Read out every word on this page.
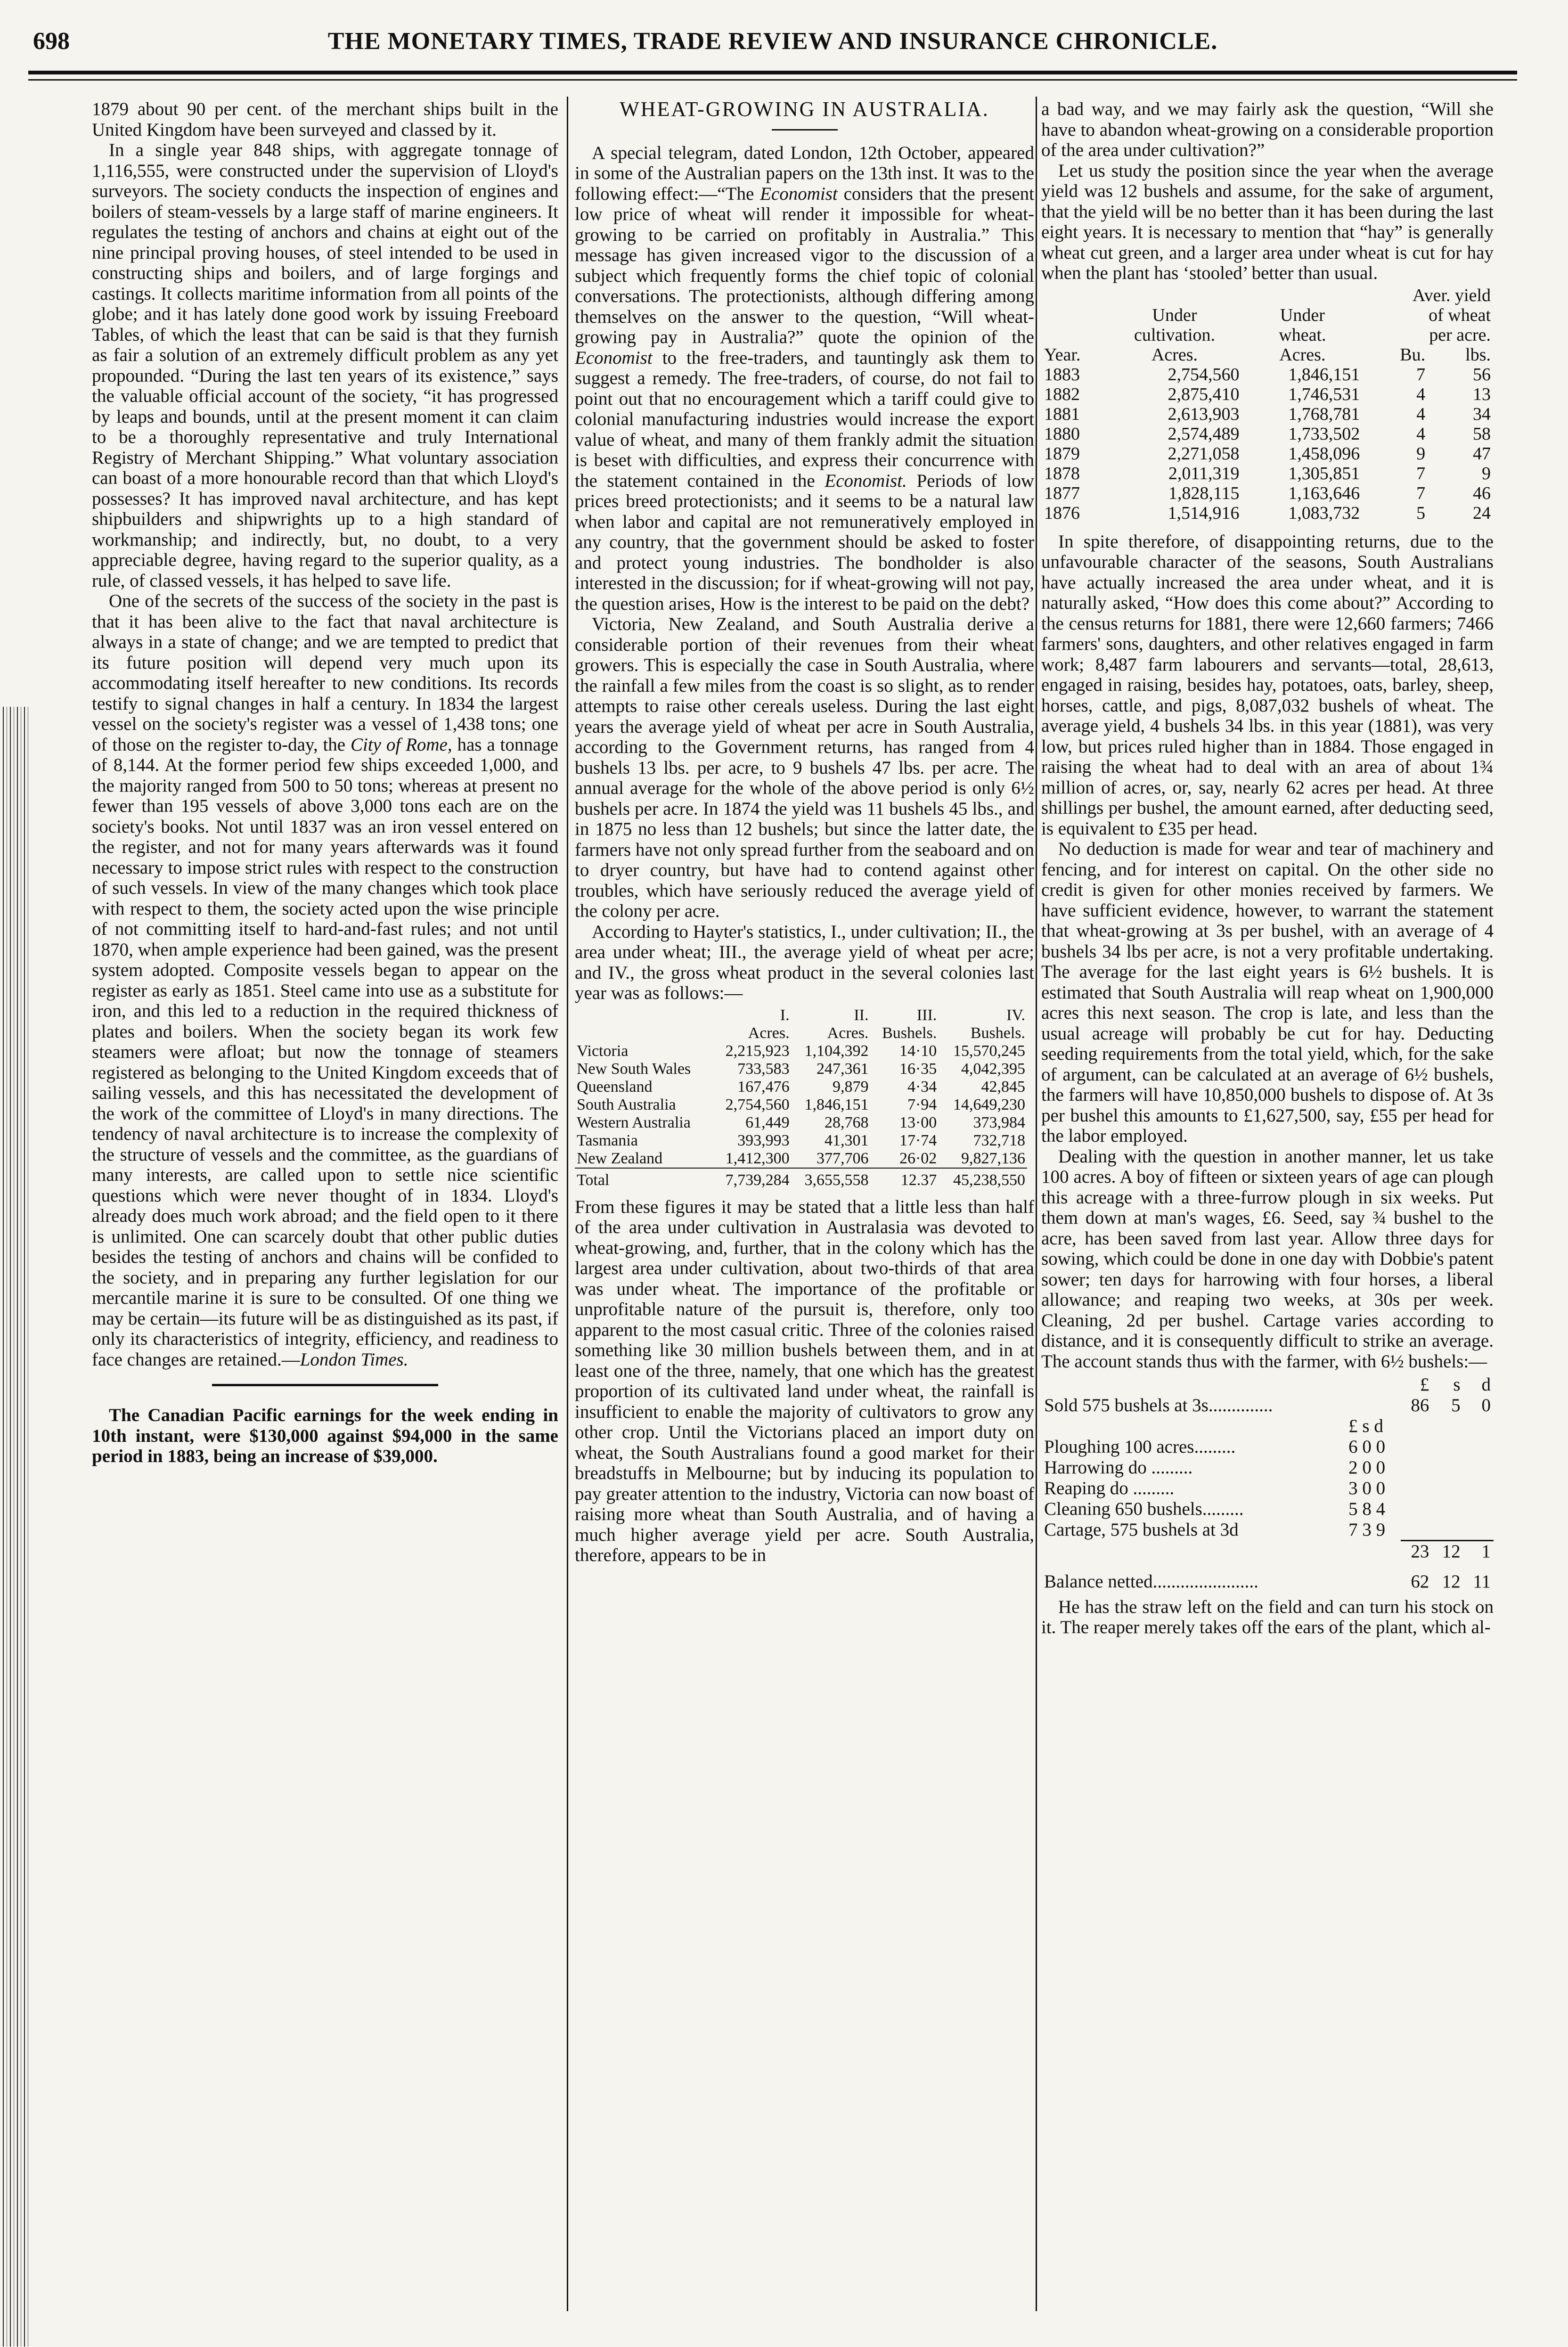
698	THE MONETARY TIMES, TRADE REVIEW AND INSURANCE CHRONICLE.

1879 about 90 per cent. of the merchant ships built in the United Kingdom have been surveyed and classed by it.

In a single year 848 ships, with aggregate tonnage of 1,116,555, were constructed under the supervision of Lloyd's surveyors. The society conducts the inspection of engines and boilers of steam-vessels by a large staff of marine engineers. It regulates the testing of anchors and chains at eight out of the nine principal proving houses, of steel intended to be used in constructing ships and boilers, and of large forgings and castings. It collects maritime information from all points of the globe; and it has lately done good work by issuing Freeboard Tables, of which the least that can be said is that they furnish as fair a solution of an extremely difficult problem as any yet propounded. “During the last ten years of its existence,” says the valuable official account of the society, “it has progressed by leaps and bounds, until at the present moment it can claim to be a thoroughly representative and truly International Registry of Merchant Shipping.” What voluntary association can boast of a more honourable record than that which Lloyd's possesses? It has improved naval architecture, and has kept shipbuilders and shipwrights up to a high standard of workmanship; and indirectly, but, no doubt, to a very appreciable degree, having regard to the superior quality, as a rule, of classed vessels, it has helped to save life.

One of the secrets of the success of the society in the past is that it has been alive to the fact that naval architecture is always in a state of change; and we are tempted to predict that its future position will depend very much upon its accommodating itself hereafter to new conditions. Its records testify to signal changes in half a century. In 1834 the largest vessel on the society's register was a vessel of 1,438 tons; one of those on the register to-day, the City of Rome, has a tonnage of 8,144. At the former period few ships exceeded 1,000, and the majority ranged from 500 to 50 tons; whereas at present no fewer than 195 vessels of above 3,000 tons each are on the society's books. Not until 1837 was an iron vessel entered on the register, and not for many years afterwards was it found necessary to impose strict rules with respect to the construction of such vessels. In view of the many changes which took place with respect to them, the society acted upon the wise principle of not committing itself to hard-and-fast rules; and not until 1870, when ample experience had been gained, was the present system adopted. Composite vessels began to appear on the register as early as 1851. Steel came into use as a substitute for iron, and this led to a reduction in the required thickness of plates and boilers. When the society began its work few steamers were afloat; but now the tonnage of steamers registered as belonging to the United Kingdom exceeds that of sailing vessels, and this has necessitated the development of the work of the committee of Lloyd's in many directions. The tendency of naval architecture is to increase the complexity of the structure of vessels and the committee, as the guardians of many interests, are called upon to settle nice scientific questions which were never thought of in 1834. Lloyd's already does much work abroad; and the field open to it there is unlimited. One can scarcely doubt that other public duties besides the testing of anchors and chains will be confided to the society, and in preparing any further legislation for our mercantile marine it is sure to be consulted. Of one thing we may be certain—its future will be as distinguished as its past, if only its characteristics of integrity, efficiency, and readiness to face changes are retained.—London Times.

The Canadian Pacific earnings for the week ending in 10th instant, were $130,000 against $94,000 in the same period in 1883, being an increase of $39,000.

WHEAT-GROWING IN AUSTRALIA.

A special telegram, dated London, 12th October, appeared in some of the Australian papers on the 13th inst. It was to the following effect:—“The Economist considers that the present low price of wheat will render it impossible for wheat-growing to be carried on profitably in Australia.” This message has given increased vigor to the discussion of a subject which frequently forms the chief topic of colonial conversations. The protectionists, although differing among themselves on the answer to the question, “Will wheat-growing pay in Australia?” quote the opinion of the Economist to the free-traders, and tauntingly ask them to suggest a remedy. The free-traders, of course, do not fail to point out that no encouragement which a tariff could give to colonial manufacturing industries would increase the export value of wheat, and many of them frankly admit the situation is beset with difficulties, and express their concurrence with the statement contained in the Economist. Periods of low prices breed protectionists; and it seems to be a natural law when labor and capital are not remuneratively employed in any country, that the government should be asked to foster and protect young industries. The bondholder is also interested in the discussion; for if wheat-growing will not pay, the question arises, How is the interest to be paid on the debt?

Victoria, New Zealand, and South Australia derive a considerable portion of their revenues from their wheat growers. This is especially the case in South Australia, where the rainfall a few miles from the coast is so slight, as to render attempts to raise other cereals useless. During the last eight years the average yield of wheat per acre in South Australia, according to the Government returns, has ranged from 4 bushels 13 lbs. per acre, to 9 bushels 47 lbs. per acre. The annual average for the whole of the above period is only 6½ bushels per acre. In 1874 the yield was 11 bushels 45 lbs., and in 1875 no less than 12 bushels; but since the latter date, the farmers have not only spread further from the seaboard and on to dryer country, but have had to contend against other troubles, which have seriously reduced the average yield of the colony per acre.

According to Hayter's statistics, I., under cultivation; II., the area under wheat; III., the average yield of wheat per acre; and IV., the gross wheat product in the several colonies last year was as follows:—

	I.	II.	III.	IV.
	Acres.	Acres.	Bushels.	Bushels.
Victoria	2,215,923	1,104,392	14·10	15,570,245
New South Wales	733,583	247,361	16·35	4,042,395
Queensland	167,476	9,879	4·34	42,845
South Australia	2,754,560	1,846,151	7·94	14,649,230
Western Australia	61,449	28,768	13·00	373,984
Tasmania	393,993	41,301	17·74	732,718
New Zealand	1,412,300	377,706	26·02	9,827,136
Total	7,739,284	3,655,558	12.37	45,238,550

From these figures it may be stated that a little less than half of the area under cultivation in Australasia was devoted to wheat-growing, and, further, that in the colony which has the largest area under cultivation, about two-thirds of that area was under wheat. The importance of the profitable or unprofitable nature of the pursuit is, therefore, only too apparent to the most casual critic. Three of the colonies raised something like 30 million bushels between them, and in at least one of the three, namely, that one which has the greatest proportion of its cultivated land under wheat, the rainfall is insufficient to enable the majority of cultivators to grow any other crop. Until the Victorians placed an import duty on wheat, the South Australians found a good market for their breadstuffs in Melbourne; but by inducing its population to pay greater attention to the industry, Victoria can now boast of raising more wheat than South Australia, and of having a much higher average yield per acre. South Australia, therefore, appears to be in

a bad way, and we may fairly ask the question, “Will she have to abandon wheat-growing on a considerable proportion of the area under cultivation?”

Let us study the position since the year when the average yield was 12 bushels and assume, for the sake of argument, that the yield will be no better than it has been during the last eight years. It is necessary to mention that “hay” is generally wheat cut green, and a larger area under wheat is cut for hay when the plant has ‘stooled’ better than usual.

			Aver. yield	
	Under	Under	of wheat	
	cultivation.	wheat.	per acre.	
Year.	Acres.	Acres.	Bu.	lbs.
1883	2,754,560	1,846,151	7	56
1882	2,875,410	1,746,531	4	13
1881	2,613,903	1,768,781	4	34
1880	2,574,489	1,733,502	4	58
1879	2,271,058	1,458,096	9	47
1878	2,011,319	1,305,851	7	9
1877	1,828,115	1,163,646	7	46
1876	1,514,916	1,083,732	5	24

In spite therefore, of disappointing returns, due to the unfavourable character of the seasons, South Australians have actually increased the area under wheat, and it is naturally asked, “How does this come about?” According to the census returns for 1881, there were 12,660 farmers; 7466 farmers' sons, daughters, and other relatives engaged in farm work; 8,487 farm labourers and servants—total, 28,613, engaged in raising, besides hay, potatoes, oats, barley, sheep, horses, cattle, and pigs, 8,087,032 bushels of wheat. The average yield, 4 bushels 34 lbs. in this year (1881), was very low, but prices ruled higher than in 1884. Those engaged in raising the wheat had to deal with an area of about 1¾ million of acres, or, say, nearly 62 acres per head. At three shillings per bushel, the amount earned, after deducting seed, is equivalent to £35 per head.

No deduction is made for wear and tear of machinery and fencing, and for interest on capital. On the other side no credit is given for other monies received by farmers. We have sufficient evidence, however, to warrant the statement that wheat-growing at 3s per bushel, with an average of 4 bushels 34 lbs per acre, is not a very profitable undertaking. The average for the last eight years is 6½ bushels. It is estimated that South Australia will reap wheat on 1,900,000 acres this next season. The crop is late, and less than the usual acreage will probably be cut for hay. Deducting seeding requirements from the total yield, which, for the sake of argument, can be calculated at an average of 6½ bushels, the farmers will have 10,850,000 bushels to dispose of. At 3s per bushel this amounts to £1,627,500, say, £55 per head for the labor employed.

Dealing with the question in another manner, let us take 100 acres. A boy of fifteen or sixteen years of age can plough this acreage with a three-furrow plough in six weeks. Put them down at man's wages, £6. Seed, say ¾ bushel to the acre, has been saved from last year. Allow three days for sowing, which could be done in one day with Dobbie's patent sower; ten days for harrowing with four horses, a liberal allowance; and reaping two weeks, at 30s per week. Cleaning, 2d per bushel. Cartage varies according to distance, and it is consequently difficult to strike an average. The account stands thus with the farmer, with 6½ bushels:—

		£	s	d
Sold 575 bushels at 3s..............		86	5	0
	£ s d			
Ploughing 100 acres.........	6 0 0			
Harrowing do .........	2 0 0			
Reaping do .........	3 0 0			
Cleaning 650 bushels.........	5 8 4			
Cartage, 575 bushels at 3d	7 3 9			
		23	12	1

Balance netted.......................		62	12	11

He has the straw left on the field and can turn his stock on it. The reaper merely takes off the ears of the plant, which al-
